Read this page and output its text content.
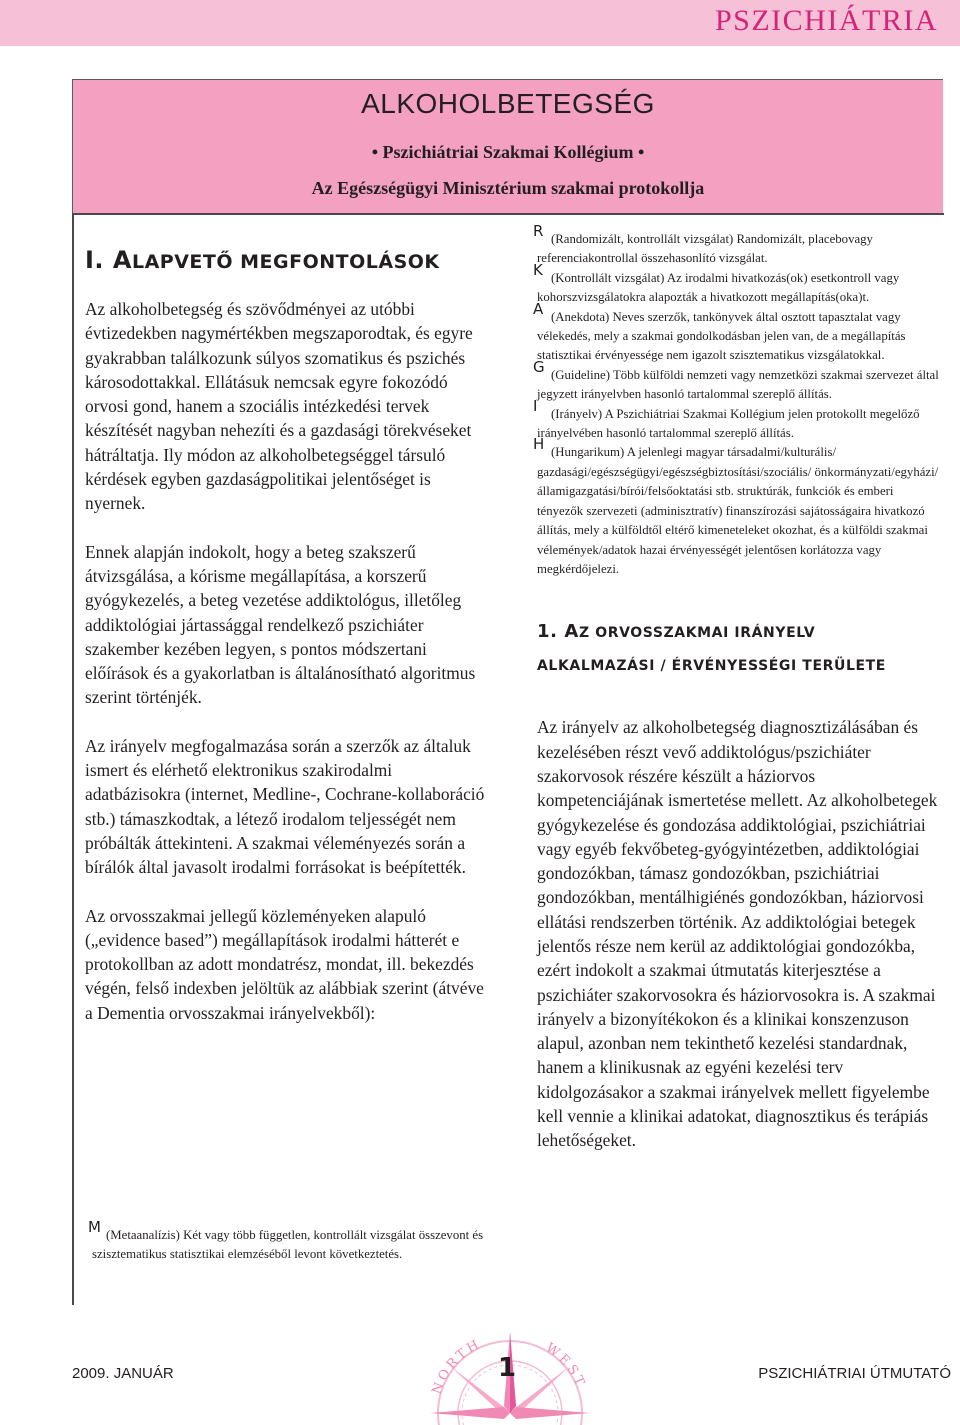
PSZICHIÁTRIA
ALKOHOLBETEGSÉG
• Pszichiátriai Szakmai Kollégium •
Az Egészségügyi Minisztérium szakmai protokollja
I. ALAPVETŐ MEGFONTOLÁSOK

Az alkoholbetegség és szövődményei az utóbbi évtizedekben nagymértékben megszaporodtak, és egyre gyakrabban találkozunk súlyos szomatikus és pszichés károsodottakkal. Ellátásuk nemcsak egyre fokozódó orvosi gond, hanem a szociális intézkedési tervek készítését nagyban nehezíti és a gazdasági törekvéseket hátráltatja. Ily módon az alkoholbetegséggel társuló kérdések egyben gazdaságpolitikai jelentőséget is nyernek.

Ennek alapján indokolt, hogy a beteg szakszerű átvizsgálása, a kórisme megállapítása, a korszerű gyógykezelés, a beteg vezetése addiktológus, illetőleg addiktológiai jártassággal rendelkező pszichiáter szakember kezében legyen, s pontos módszertani előírások és a gyakorlatban is általánosítható algoritmus szerint történjék.

Az irányelv megfogalmazása során a szerzők az általuk ismert és elérhető elektronikus szakirodalmi adatbázisokra (internet, Medline-, Cochrane-kollaboráció stb.) támaszkodtak, a létező irodalom teljességét nem próbálták áttekinteni. A szakmai véleményezés során a bírálók által javasolt irodalmi forrásokat is beépítették.

Az orvosszakmai jellegű közleményeken alapuló („evidence based”) megállapítások irodalmi hátterét e protokollban az adott mondatrész, mondat, ill. bekezdés végén, felső indexben jelöltük az alábbiak szerint (átvéve a Dementia orvosszakmai irányelvekből):

M (Metaanalízis) Két vagy több független, kontrollált vizsgálat összevont és szisztematikus statisztikai elemzéséből levont következtetés.

R (Randomizált, kontrollált vizsgálat) Randomizált, placebovagy referenciakontrollal összehasonlító vizsgálat.

K (Kontrollált vizsgálat) Az irodalmi hivatkozás(ok) esetkontroll vagy kohorszvizsgálatokra alapozták a hivatkozott megállapítás(oka)t.

A (Anekdota) Neves szerzők, tankönyvek által osztott tapasztalat vagy vélekedés, mely a szakmai gondolkodásban jelen van, de a megállapítás statisztikai érvényessége nem igazolt szisztematikus vizsgálatokkal.

G (Guideline) Több külföldi nemzeti vagy nemzetközi szakmai szervezet által jegyzett irányelvben hasonló tartalommal szereplő állítás.

I (Irányelv) A Pszichiátriai Szakmai Kollégium jelen protokollt megelőző irányelvében hasonló tartalommal szereplő állítás.

H (Hungarikum) A jelenlegi magyar társadalmi/kulturális/ gazdasági/egészségügyi/egészségbiztosítási/szociális/ önkormányzati/egyházi/államigazgatási/bírói/felsőoktatási stb. struktúrák, funkciók és emberi tényezők szervezeti (adminisztratív) finanszírozási sajátosságaira hivatkozó állítás, mely a külföldtől eltérő kimeneteleket okozhat, és a külföldi szakmai vélemények/adatok hazai érvényességét jelentősen korlátozza vagy megkérdőjelezi.

1. AZ ORVOSSZAKMAI IRÁNYELV
ALKALMAZÁSI / ÉRVÉNYESSÉGI TERÜLETE

Az irányelv az alkoholbetegség diagnosztizálásában és kezelésében részt vevő addiktológus/pszichiáter szakorvosok részére készült a háziorvos kompetenciájának ismertetése mellett. Az alkoholbetegek gyógykezelése és gondozása addiktológiai, pszichiátriai vagy egyéb fekvőbeteg-gyógyintézetben, addiktológiai gondozókban, támasz gondozókban, pszichiátriai gondozókban, mentálhigiénés gondozókban, háziorvosi ellátási rendszerben történik. Az addiktológiai betegek jelentős része nem kerül az addiktológiai gondozókba, ezért indokolt a szakmai útmutatás kiterjesztése a pszichiáter szakorvosokra és háziorvosokra is. A szakmai irányelv a bizonyítékokon és a klinikai konszenzuson alapul, azonban nem tekinthető kezelési standardnak, hanem a klinikusnak az egyéni kezelési terv kidolgozásakor a szakmai irányelvek mellett figyelembe kell vennie a klinikai adatokat, diagnosztikus és terápiás lehetőségeket.

NORTH	WEST
2009. JANUÁR	1	PSZICHIÁTRIAI ÚTMUTATÓ
